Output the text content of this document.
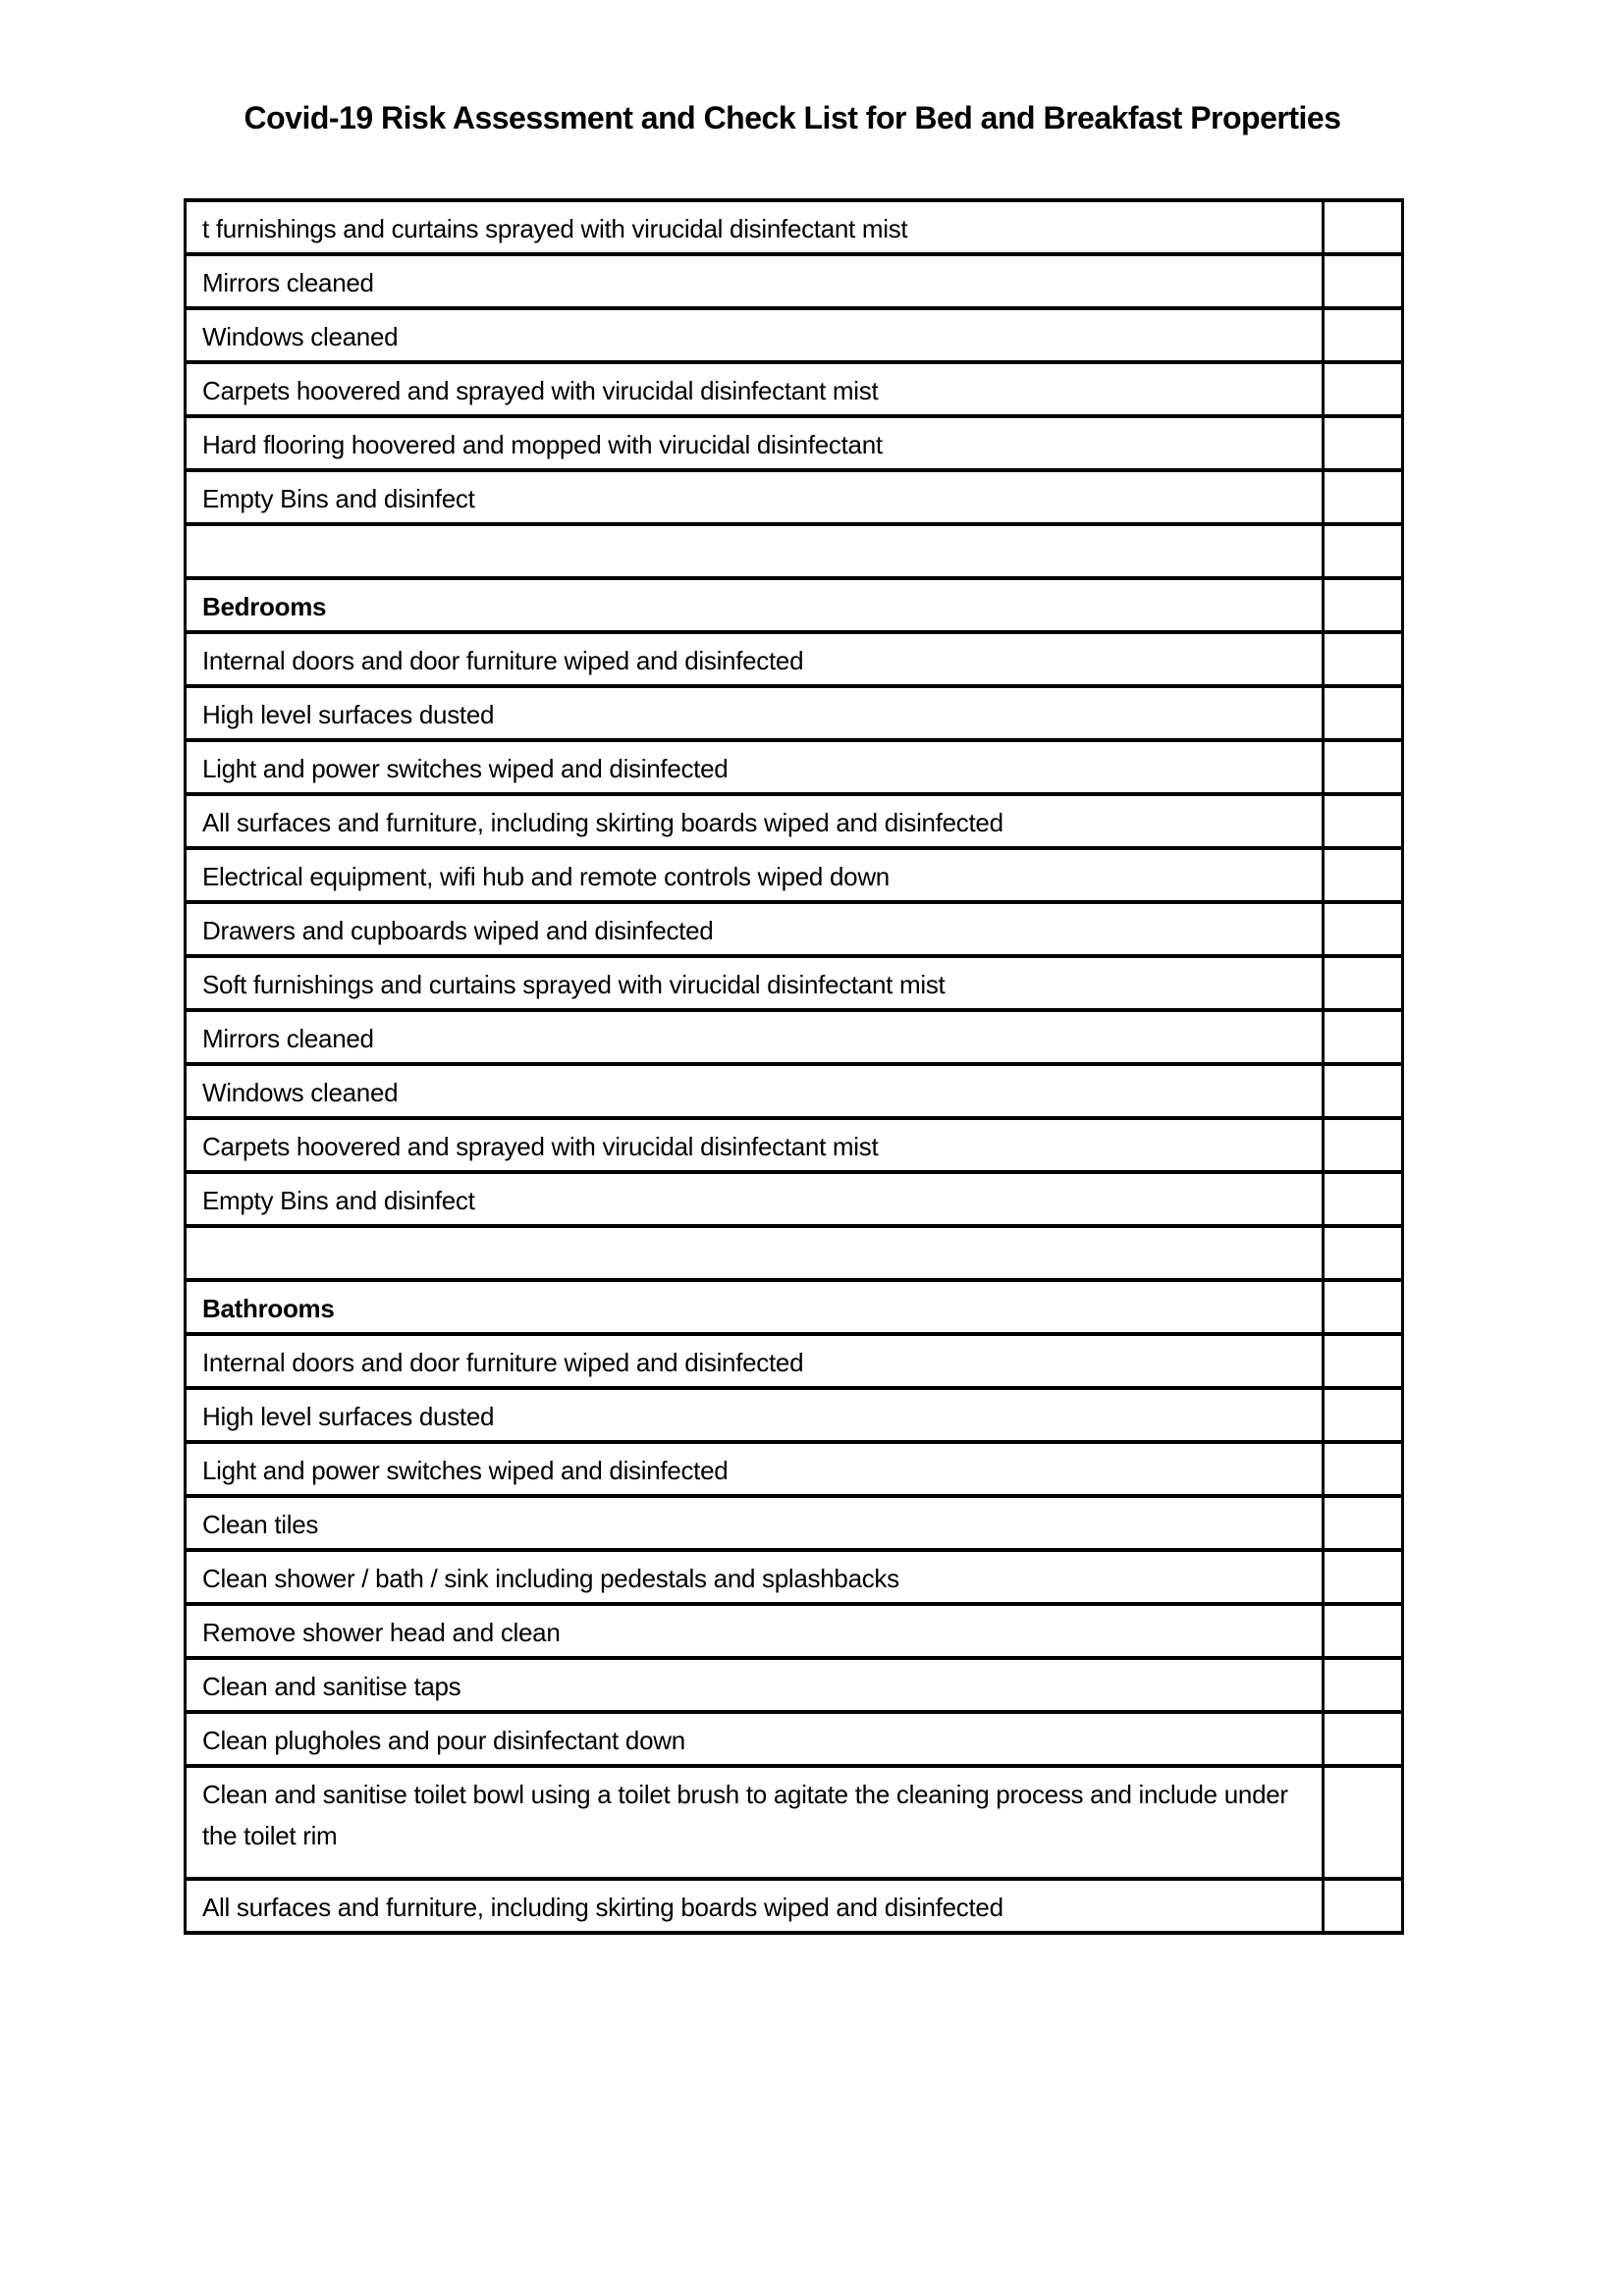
Covid-19 Risk Assessment and Check List for Bed and Breakfast Properties
t furnishings and curtains sprayed with virucidal disinfectant mist	
Mirrors cleaned	
Windows cleaned	
Carpets hoovered and sprayed with virucidal disinfectant mist	
Hard flooring hoovered and mopped with virucidal disinfectant	
Empty Bins and disinfect	

Bedrooms	
Internal doors and door furniture wiped and disinfected	
High level surfaces dusted	
Light and power switches wiped and disinfected	
All surfaces and furniture, including skirting boards wiped and disinfected	
Electrical equipment, wifi hub and remote controls wiped down	
Drawers and cupboards wiped and disinfected	
Soft furnishings and curtains sprayed with virucidal disinfectant mist	
Mirrors cleaned	
Windows cleaned	
Carpets hoovered and sprayed with virucidal disinfectant mist	
Empty Bins and disinfect	

Bathrooms	
Internal doors and door furniture wiped and disinfected	
High level surfaces dusted	
Light and power switches wiped and disinfected	
Clean tiles	
Clean shower / bath / sink including pedestals and splashbacks	
Remove shower head and clean	
Clean and sanitise taps	
Clean plugholes and pour disinfectant down	
Clean and sanitise toilet bowl using a toilet brush to agitate the cleaning process and include under the toilet rim	
All surfaces and furniture, including skirting boards wiped and disinfected	
